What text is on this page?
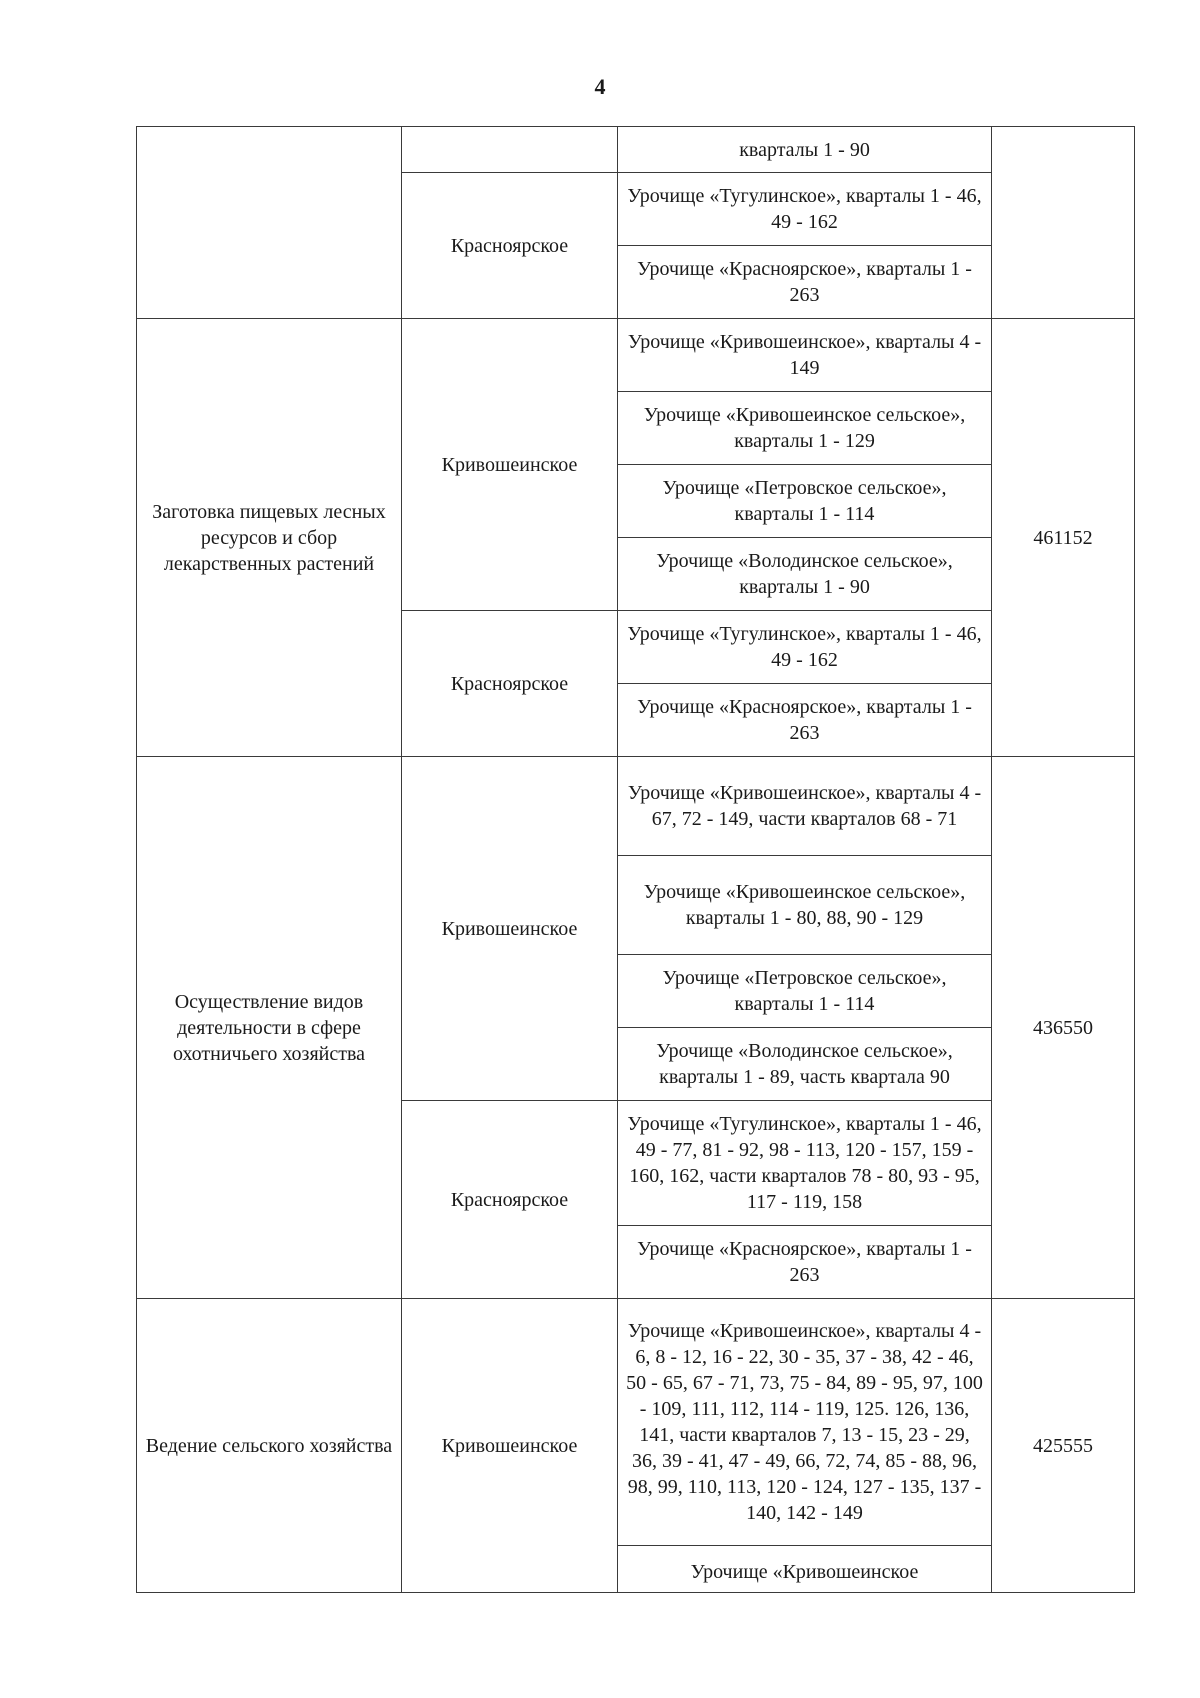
4
		кварталы 1 - 90	
	Красноярское	Урочище «Тугулинское», кварталы 1 - 46, 49 - 162	
		Урочище «Красноярское», кварталы 1 - 263	
Заготовка пищевых лесных ресурсов и сбор лекарственных растений	Кривошеинское	Урочище «Кривошеинское», кварталы 4 - 149	461152
		Урочище «Кривошеинское сельское», кварталы 1 - 129	
		Урочище «Петровское сельское», кварталы 1 - 114	
		Урочище «Володинское сельское», кварталы 1 - 90	
	Красноярское	Урочище «Тугулинское», кварталы 1 - 46, 49 - 162	
		Урочище «Красноярское», кварталы 1 - 263	
Осуществление видов деятельности в сфере охотничьего хозяйства	Кривошеинское	Урочище «Кривошеинское», кварталы 4 - 67, 72 - 149, части кварталов 68 - 71	436550
		Урочище «Кривошеинское сельское», кварталы 1 - 80, 88, 90 - 129	
		Урочище «Петровское сельское», кварталы 1 - 114	
		Урочище «Володинское сельское», кварталы 1 - 89, часть квартала 90	
	Красноярское	Урочище «Тугулинское», кварталы 1 - 46, 49 - 77, 81 - 92, 98 - 113, 120 - 157, 159 - 160, 162, части кварталов 78 - 80, 93 - 95, 117 - 119, 158	
		Урочище «Красноярское», кварталы 1 - 263	
Ведение сельского хозяйства	Кривошеинское	Урочище «Кривошеинское», кварталы 4 - 6, 8 - 12, 16 - 22, 30 - 35, 37 - 38, 42 - 46, 50 - 65, 67 - 71, 73, 75 - 84, 89 - 95, 97, 100 - 109, 111, 112, 114 - 119, 125. 126, 136, 141, части кварталов 7, 13 - 15, 23 - 29, 36, 39 - 41, 47 - 49, 66, 72, 74, 85 - 88, 96, 98, 99, 110, 113, 120 - 124, 127 - 135, 137 - 140, 142 - 149	425555
		Урочище «Кривошеинское	
